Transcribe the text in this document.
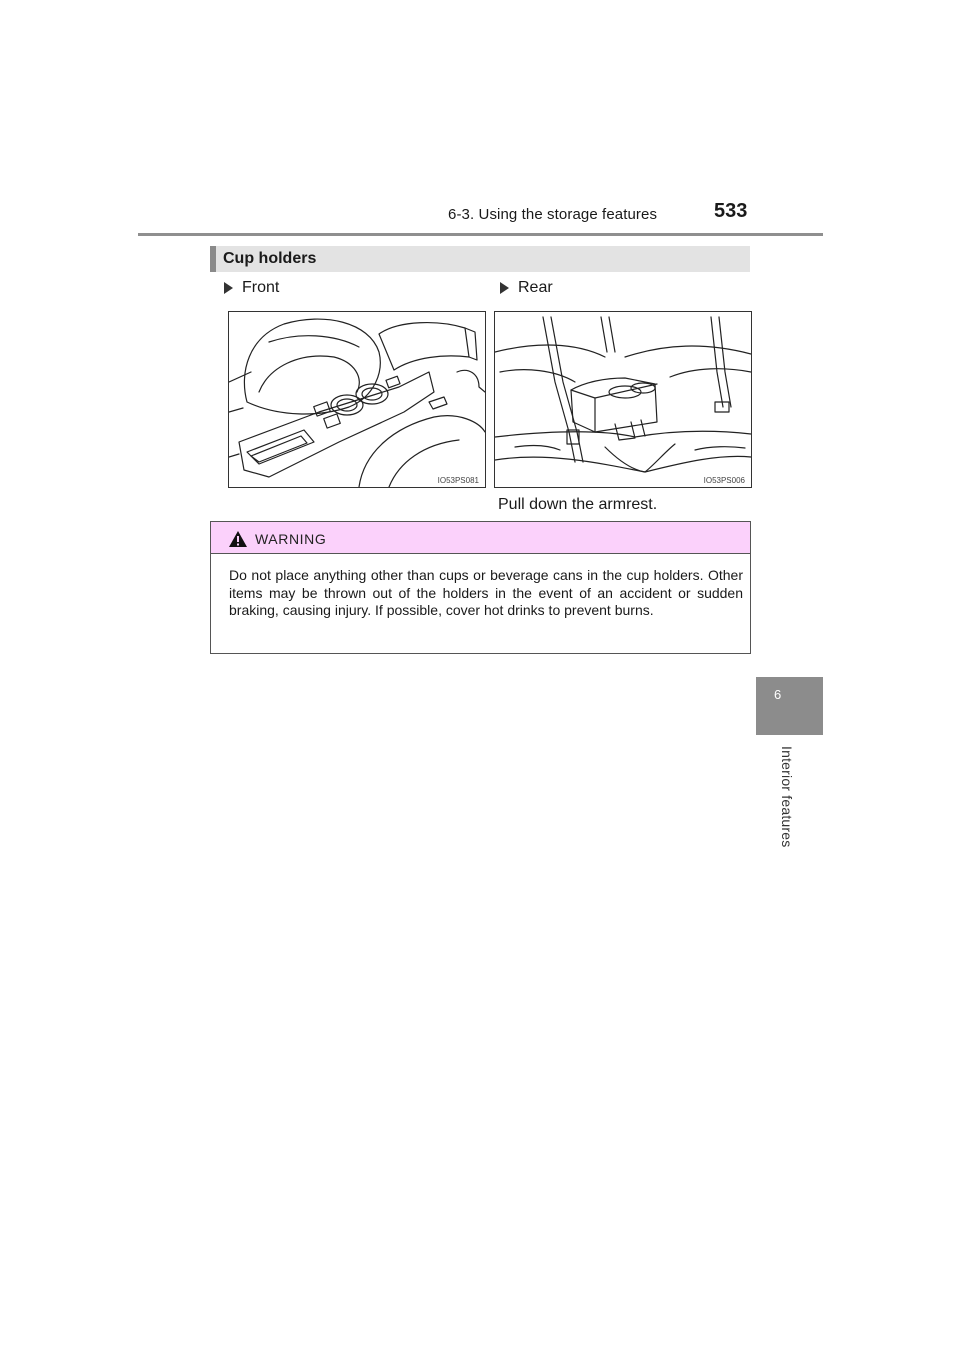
6-3. Using the storage features	533
6
Interior features
Cup holders
Front	Rear
IO53PS081	IO53PS006
Pull down the armrest.
WARNING
Do not place anything other than cups or beverage cans in the cup holders. Other items may be thrown out of the holders in the event of an accident or sudden braking, causing injury. If possible, cover hot drinks to prevent burns.
